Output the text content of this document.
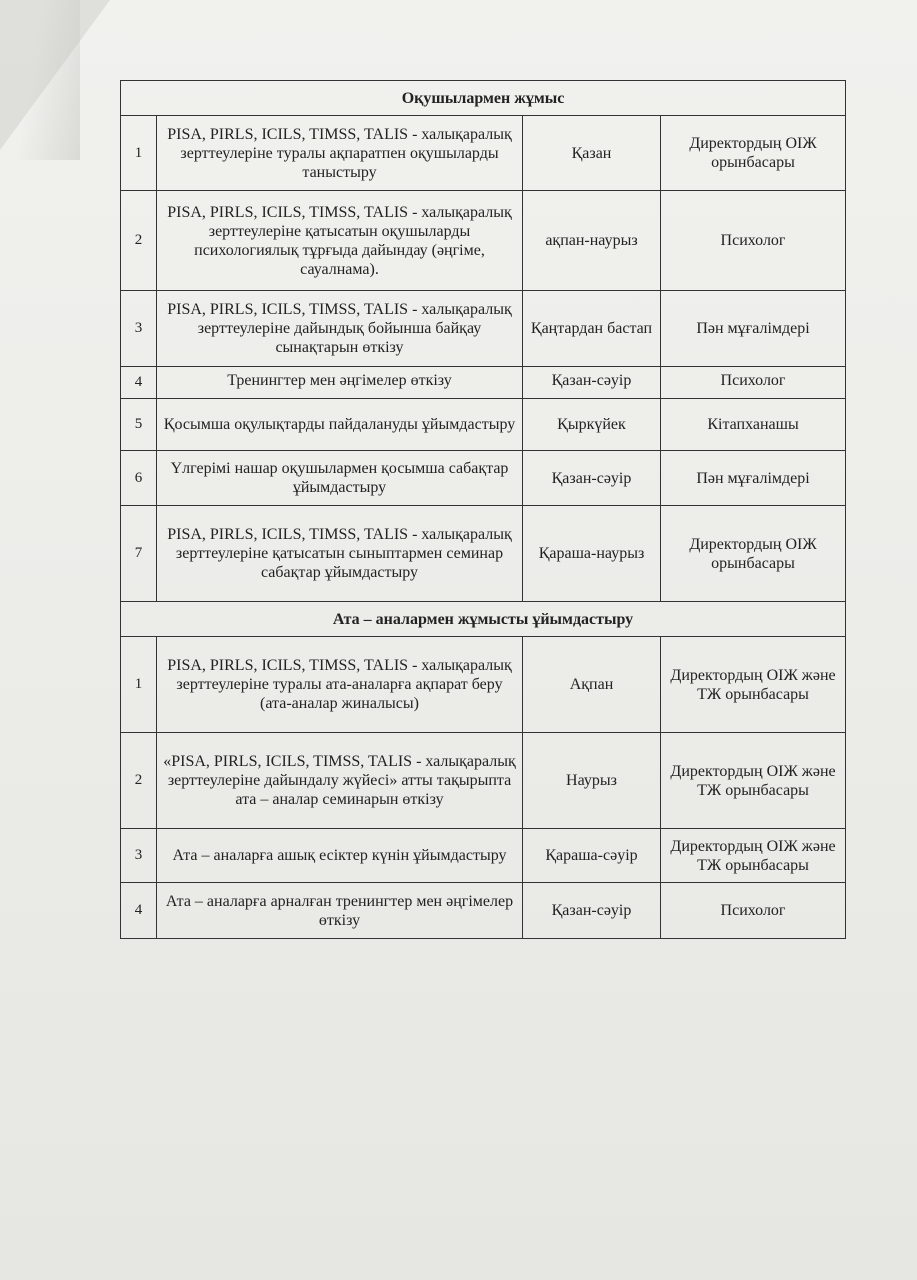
Оқушылармен жұмыс			
1	PISA, PIRLS, ICILS, TIMSS, TALIS - халықаралық зерттеулеріне туралы ақпаратпен оқушыларды таныстыру	Қазан	Директордың ОІЖ орынбасары
2	PISA, PIRLS, ICILS, TIMSS, TALIS - халықаралық зерттеулеріне қатысатын оқушыларды психологиялық тұрғыда дайындау (әңгіме, сауалнама).	ақпан-наурыз	Психолог
3	PISA, PIRLS, ICILS, TIMSS, TALIS - халықаралық зерттеулеріне дайындық бойынша байқау сынақтарын өткізу	Қаңтардан бастап	Пән мұғалімдері
4	Тренингтер мен әңгімелер өткізу	Қазан-сәуір	Психолог
5	Қосымша оқулықтарды пайдалануды ұйымдастыру	Қыркүйек	Кітапханашы
6	Үлгерімі нашар оқушылармен қосымша сабақтар ұйымдастыру	Қазан-сәуір	Пән мұғалімдері
7	PISA, PIRLS, ICILS, TIMSS, TALIS - халықаралық зерттеулеріне қатысатын сыныптармен семинар сабақтар ұйымдастыру	Қараша-наурыз	Директордың ОІЖ орынбасары
Ата – аналармен жұмысты ұйымдастыру			
1	PISA, PIRLS, ICILS, TIMSS, TALIS - халықаралық зерттеулеріне туралы ата-аналарға ақпарат беру (ата-аналар жиналысы)	Ақпан	Директордың ОІЖ және ТЖ орынбасары
2	«PISA, PIRLS, ICILS, TIMSS, TALIS - халықаралық зерттеулеріне дайындалу жүйесі» атты тақырыпта ата – аналар семинарын өткізу	Наурыз	Директордың ОІЖ және ТЖ орынбасары
3	Ата – аналарға ашық есіктер күнін ұйымдастыру	Қараша-сәуір	Директордың ОІЖ және ТЖ орынбасары
4	Ата – аналарға арналған тренингтер мен әңгімелер өткізу	Қазан-сәуір	Психолог
